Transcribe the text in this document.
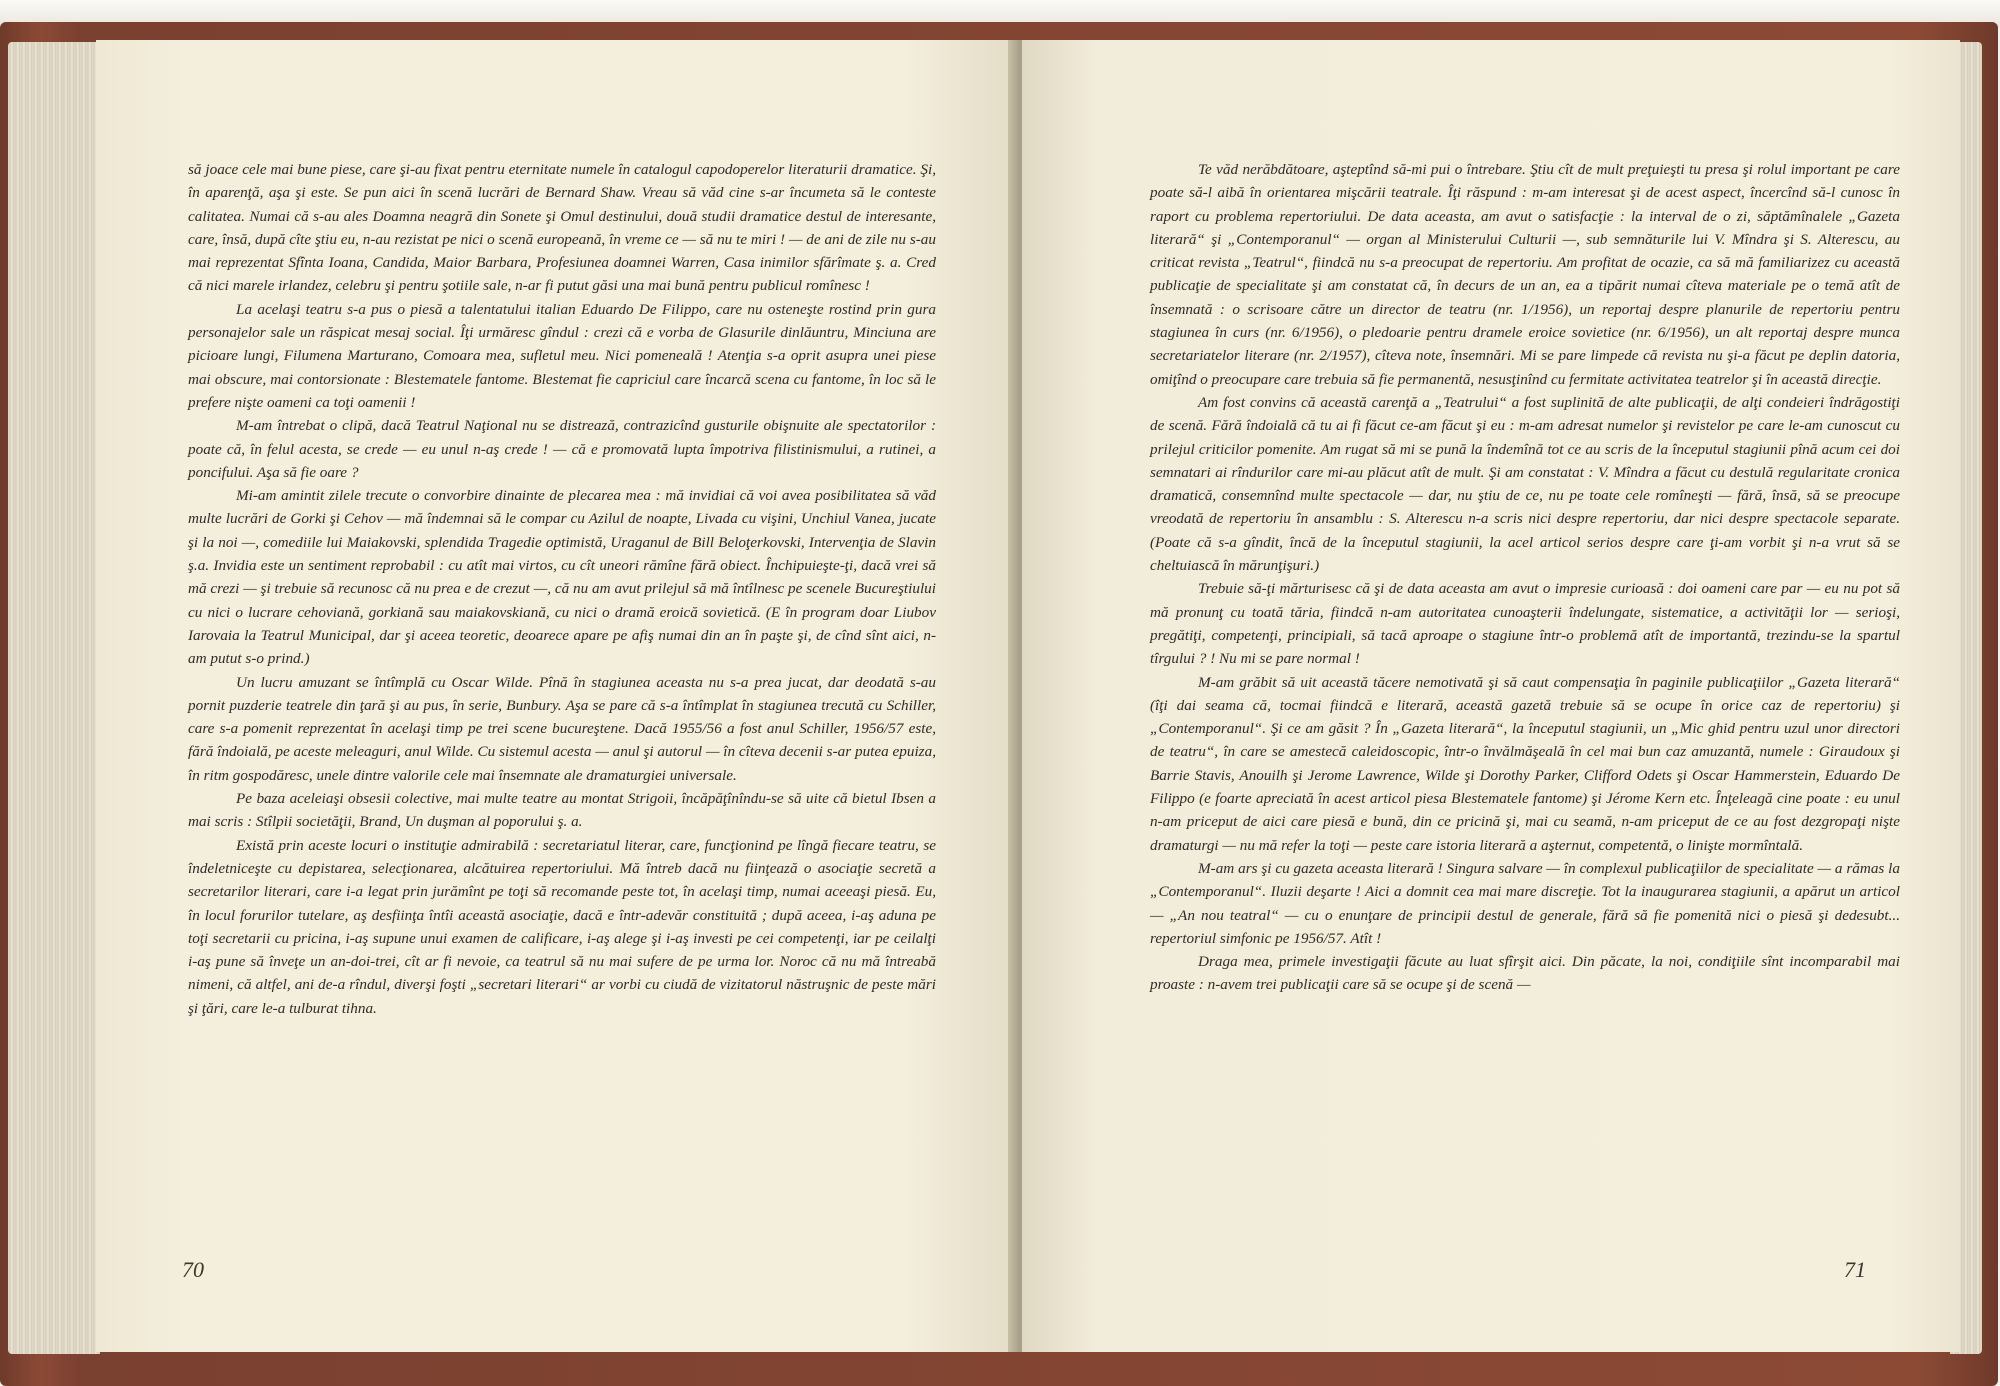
să joace cele mai bune piese, care şi-au fixat pentru eternitate numele în catalogul capodoperelor literaturii dramatice. Şi, în aparenţă, aşa şi este. Se pun aici în scenă lucrări de Bernard Shaw. Vreau să văd cine s-ar încumeta să le conteste calitatea. Numai că s-au ales Doamna neagră din Sonete şi Omul destinului, două studii dramatice destul de interesante, care, însă, după cîte ştiu eu, n-au rezistat pe nici o scenă europeană, în vreme ce — să nu te miri ! — de ani de zile nu s-au mai reprezentat Sfînta Ioana, Candida, Maior Barbara, Profesiunea doamnei Warren, Casa inimilor sfărîmate ş. a. Cred că nici marele irlandez, celebru şi pentru şotiile sale, n-ar fi putut găsi una mai bună pentru publicul romînesc !

La acelaşi teatru s-a pus o piesă a talentatului italian Eduardo De Filippo, care nu osteneşte rostind prin gura personajelor sale un răspicat mesaj social. Îţi urmăresc gîndul : crezi că e vorba de Glasurile dinlăuntru, Minciuna are picioare lungi, Filumena Marturano, Comoara mea, sufletul meu. Nici pomeneală ! Atenţia s-a oprit asupra unei piese mai obscure, mai contorsionate : Blestematele fantome. Blestemat fie capriciul care încarcă scena cu fantome, în loc să le prefere nişte oameni ca toţi oamenii !

M-am întrebat o clipă, dacă Teatrul Naţional nu se distrează, contrazicînd gusturile obişnuite ale spectatorilor : poate că, în felul acesta, se crede — eu unul n-aş crede ! — că e promovată lupta împotriva filistinismului, a rutinei, a poncifului. Aşa să fie oare ?

Mi-am amintit zilele trecute o convorbire dinainte de plecarea mea : mă invidiai că voi avea posibilitatea să văd multe lucrări de Gorki şi Cehov — mă îndemnai să le compar cu Azilul de noapte, Livada cu vişini, Unchiul Vanea, jucate şi la noi —, comediile lui Maiakovski, splendida Tragedie optimistă, Uraganul de Bill Beloţerkovski, Intervenţia de Slavin ş.a. Invidia este un sentiment reprobabil : cu atît mai virtos, cu cît uneori rămîne fără obiect. Închipuieşte-ţi, dacă vrei să mă crezi — şi trebuie să recunosc că nu prea e de crezut —, că nu am avut prilejul să mă întîlnesc pe scenele Bucureştiului cu nici o lucrare cehoviană, gorkiană sau maiakovskiană, cu nici o dramă eroică sovietică. (E în program doar Liubov Iarovaia la Teatrul Municipal, dar şi aceea teoretic, deoarece apare pe afiş numai din an în paşte şi, de cînd sînt aici, n-am putut s-o prind.)

Un lucru amuzant se întîmplă cu Oscar Wilde. Pînă în stagiunea aceasta nu s-a prea jucat, dar deodată s-au pornit puzderie teatrele din ţară şi au pus, în serie, Bunbury. Aşa se pare că s-a întîmplat în stagiunea trecută cu Schiller, care s-a pomenit reprezentat în acelaşi timp pe trei scene bucureştene. Dacă 1955/56 a fost anul Schiller, 1956/57 este, fără îndoială, pe aceste meleaguri, anul Wilde. Cu sistemul acesta — anul şi autorul — în cîteva decenii s-ar putea epuiza, în ritm gospodăresc, unele dintre valorile cele mai însemnate ale dramaturgiei universale.

Pe baza aceleiaşi obsesii colective, mai multe teatre au montat Strigoii, încăpăţînîndu-se să uite că bietul Ibsen a mai scris : Stîlpii societăţii, Brand, Un duşman al poporului ş. a.

Există prin aceste locuri o instituţie admirabilă : secretariatul literar, care, funcţionind pe lîngă fiecare teatru, se îndeletniceşte cu depistarea, selecţionarea, alcătuirea repertoriului. Mă întreb dacă nu fiinţează o asociaţie secretă a secretarilor literari, care i-a legat prin jurămînt pe toţi să recomande peste tot, în acelaşi timp, numai aceeaşi piesă. Eu, în locul forurilor tutelare, aş desfiinţa întîi această asociaţie, dacă e într-adevăr constituită ; după aceea, i-aş aduna pe toţi secretarii cu pricina, i-aş supune unui examen de calificare, i-aş alege şi i-aş investi pe cei competenţi, iar pe ceilalţi i-aş pune să înveţe un an-doi-trei, cît ar fi nevoie, ca teatrul să nu mai sufere de pe urma lor. Noroc că nu mă întreabă nimeni, că altfel, ani de-a rîndul, diverşi foşti „secretari literari“ ar vorbi cu ciudă de vizitatorul năstruşnic de peste mări şi ţări, care le-a tulburat tihna.

Te văd nerăbdătoare, aşteptînd să-mi pui o întrebare. Ştiu cît de mult preţuieşti tu presa şi rolul important pe care poate să-l aibă în orientarea mişcării teatrale. Îţi răspund : m-am interesat şi de acest aspect, încercînd să-l cunosc în raport cu problema repertoriului. De data aceasta, am avut o satisfacţie : la interval de o zi, săptămînalele „Gazeta literară“ şi „Contemporanul“ — organ al Ministerului Culturii —, sub semnăturile lui V. Mîndra şi S. Alterescu, au criticat revista „Teatrul“, fiindcă nu s-a preocupat de repertoriu. Am profitat de ocazie, ca să mă familiarizez cu această publicaţie de specialitate şi am constatat că, în decurs de un an, ea a tipărit numai cîteva materiale pe o temă atît de însemnată : o scrisoare către un director de teatru (nr. 1/1956), un reportaj despre planurile de repertoriu pentru stagiunea în curs (nr. 6/1956), o pledoarie pentru dramele eroice sovietice (nr. 6/1956), un alt reportaj despre munca secretariatelor literare (nr. 2/1957), cîteva note, însemnări. Mi se pare limpede că revista nu şi-a făcut pe deplin datoria, omiţînd o preocupare care trebuia să fie permanentă, nesusţinînd cu fermitate activitatea teatrelor şi în această direcţie.

Am fost convins că această carenţă a „Teatrului“ a fost suplinită de alte publicaţii, de alţi condeieri îndrăgostiţi de scenă. Fără îndoială că tu ai fi făcut ce-am făcut şi eu : m-am adresat numelor şi revistelor pe care le-am cunoscut cu prilejul criticilor pomenite. Am rugat să mi se pună la îndemînă tot ce au scris de la începutul stagiunii pînă acum cei doi semnatari ai rîndurilor care mi-au plăcut atît de mult. Şi am constatat : V. Mîndra a făcut cu destulă regularitate cronica dramatică, consemnînd multe spectacole — dar, nu ştiu de ce, nu pe toate cele romîneşti — fără, însă, să se preocupe vreodată de repertoriu în ansamblu : S. Alterescu n-a scris nici despre repertoriu, dar nici despre spectacole separate. (Poate că s-a gîndit, încă de la începutul stagiunii, la acel articol serios despre care ţi-am vorbit şi n-a vrut să se cheltuiască în mărunţişuri.)

Trebuie să-ţi mărturisesc că şi de data aceasta am avut o impresie curioasă : doi oameni care par — eu nu pot să mă pronunţ cu toată tăria, fiindcă n-am autoritatea cunoaşterii îndelungate, sistematice, a activităţii lor — serioşi, pregătiţi, competenţi, principiali, să tacă aproape o stagiune într-o problemă atît de importantă, trezindu-se la spartul tîrgului ? ! Nu mi se pare normal !

M-am grăbit să uit această tăcere nemotivată şi să caut compensaţia în paginile publicaţiilor „Gazeta literară“ (îţi dai seama că, tocmai fiindcă e literară, această gazetă trebuie să se ocupe în orice caz de repertoriu) şi „Contemporanul“. Şi ce am găsit ? În „Gazeta literară“, la începutul stagiunii, un „Mic ghid pentru uzul unor directori de teatru“, în care se amestecă caleidoscopic, într-o învălmăşeală în cel mai bun caz amuzantă, numele : Giraudoux şi Barrie Stavis, Anouilh şi Jerome Lawrence, Wilde şi Dorothy Parker, Clifford Odets şi Oscar Hammerstein, Eduardo De Filippo (e foarte apreciată în acest articol piesa Blestematele fantome) şi Jérome Kern etc. Înţeleagă cine poate : eu unul n-am priceput de aici care piesă e bună, din ce pricină şi, mai cu seamă, n-am priceput de ce au fost dezgropaţi nişte dramaturgi — nu mă refer la toţi — peste care istoria literară a aşternut, competentă, o linişte mormîntală.

M-am ars şi cu gazeta aceasta literară ! Singura salvare — în complexul publicaţiilor de specialitate — a rămas la „Contemporanul“. Iluzii deşarte ! Aici a domnit cea mai mare discreţie. Tot la inaugurarea stagiunii, a apărut un articol — „An nou teatral“ — cu o enunţare de principii destul de generale, fără să fie pomenită nici o piesă şi dedesubt... repertoriul simfonic pe 1956/57. Atît !

Draga mea, primele investigaţii făcute au luat sfîrşit aici. Din păcate, la noi, condiţiile sînt incomparabil mai proaste : n-avem trei publicaţii care să se ocupe şi de scenă —

70	71
